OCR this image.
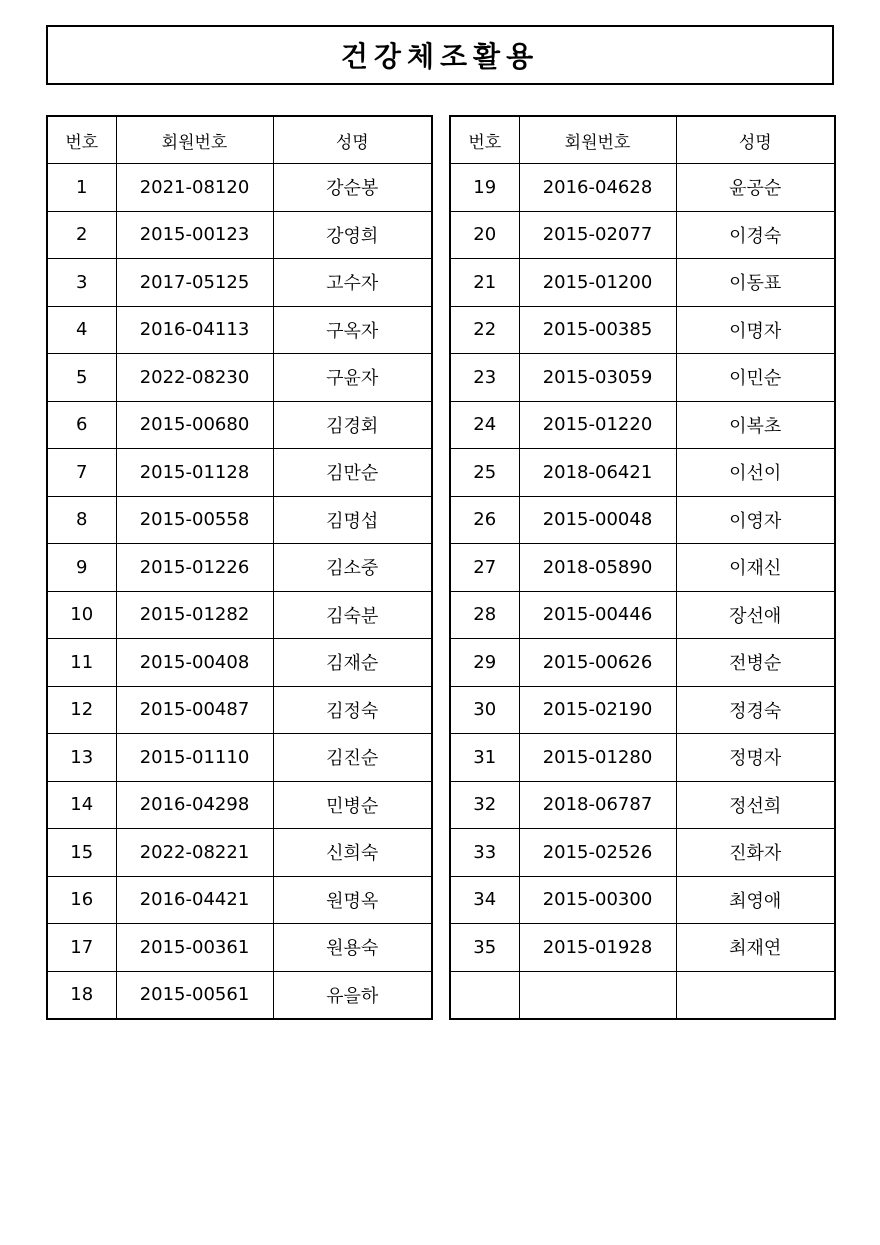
건강체조활용
번호	회원번호	성명
1	2021-08120	강순봉
2	2015-00123	강영희
3	2017-05125	고수자
4	2016-04113	구옥자
5	2022-08230	구윤자
6	2015-00680	김경회
7	2015-01128	김만순
8	2015-00558	김명섭
9	2015-01226	김소중
10	2015-01282	김숙분
11	2015-00408	김재순
12	2015-00487	김정숙
13	2015-01110	김진순
14	2016-04298	민병순
15	2022-08221	신희숙
16	2016-04421	원명옥
17	2015-00361	원용숙
18	2015-00561	유을하
번호	회원번호	성명
19	2016-04628	윤공순
20	2015-02077	이경숙
21	2015-01200	이동표
22	2015-00385	이명자
23	2015-03059	이민순
24	2015-01220	이복초
25	2018-06421	이선이
26	2015-00048	이영자
27	2018-05890	이재신
28	2015-00446	장선애
29	2015-00626	전병순
30	2015-02190	정경숙
31	2015-01280	정명자
32	2018-06787	정선희
33	2015-02526	진화자
34	2015-00300	최영애
35	2015-01928	최재연
